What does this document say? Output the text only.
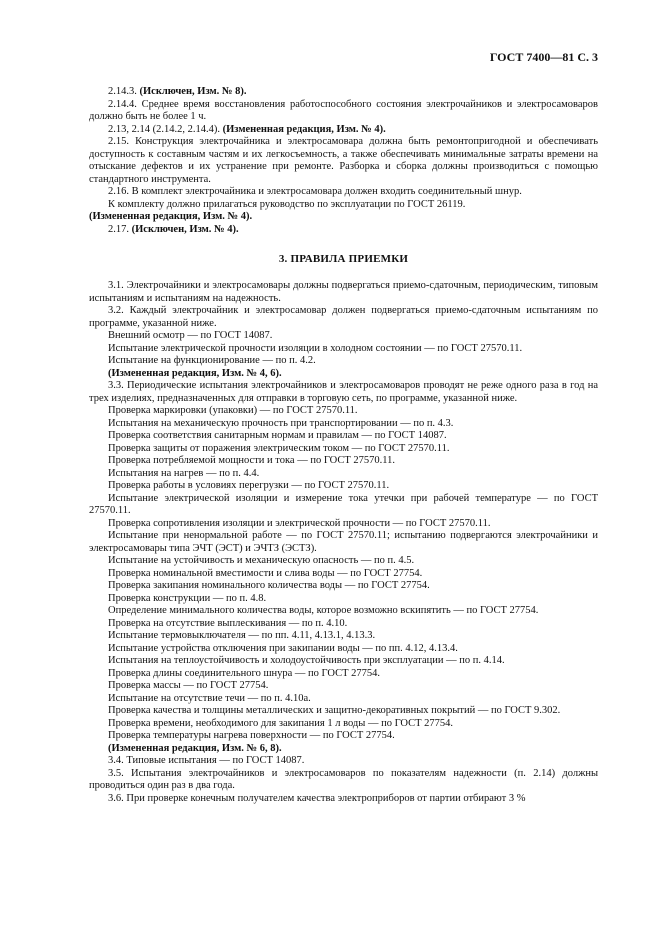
ГОСТ 7400—81 С. 3

2.14.3. (Исключен, Изм. № 8).

2.14.4. Среднее время восстановления работоспособного состояния электрочайников и электросамоваров должно быть не более 1 ч.

2.13, 2.14 (2.14.2, 2.14.4). (Измененная редакция, Изм. № 4).

2.15. Конструкция электрочайника и электросамовара должна быть ремонтопригодной и обеспечивать доступность к составным частям и их легкосъемность, а также обеспечивать минимальные затраты времени на отыскание дефектов и их устранение при ремонте. Разборка и сборка должны производиться с помощью стандартного инструмента.

2.16. В комплект электрочайника и электросамовара должен входить соединительный шнур.

К комплекту должно прилагаться руководство по эксплуатации по ГОСТ 26119.

(Измененная редакция, Изм. № 4).

2.17. (Исключен, Изм. № 4).

3. ПРАВИЛА ПРИЕМКИ

3.1. Электрочайники и электросамовары должны подвергаться приемо-сдаточным, периодическим, типовым испытаниям и испытаниям на надежность.

3.2. Каждый электрочайник и электросамовар должен подвергаться приемо-сдаточным испытаниям по программе, указанной ниже.

Внешний осмотр — по ГОСТ 14087.

Испытание электрической прочности изоляции в холодном состоянии — по ГОСТ 27570.11.

Испытание на функционирование — по п. 4.2.

(Измененная редакция, Изм. № 4, 6).

3.3. Периодические испытания электрочайников и электросамоваров проводят не реже одного раза в год на трех изделиях, предназначенных для отправки в торговую сеть, по программе, указанной ниже.

Проверка маркировки (упаковки) — по ГОСТ 27570.11.

Испытания на механическую прочность при транспортировании — по п. 4.3.

Проверка соответствия санитарным нормам и правилам — по ГОСТ 14087.

Проверка защиты от поражения электрическим током — по ГОСТ 27570.11.

Проверка потребляемой мощности и тока — по ГОСТ 27570.11.

Испытания на нагрев — по п. 4.4.

Проверка работы в условиях перегрузки — по ГОСТ 27570.11.

Испытание электрической изоляции и измерение тока утечки при рабочей температуре — по ГОСТ 27570.11.

Проверка сопротивления изоляции и электрической прочности — по ГОСТ 27570.11.

Испытание при ненормальной работе — по ГОСТ 27570.11; испытанию подвергаются электрочайники и электросамовары типа ЭЧТ (ЭСТ) и ЭЧТЗ (ЭСТЗ).

Испытание на устойчивость и механическую опасность — по п. 4.5.

Проверка номинальной вместимости и слива воды — по ГОСТ 27754.

Проверка закипания номинального количества воды — по ГОСТ 27754.

Проверка конструкции — по п. 4.8.

Определение минимального количества воды, которое возможно вскипятить — по ГОСТ 27754.

Проверка на отсутствие выплескивания — по п. 4.10.

Испытание термовыключателя — по пп. 4.11, 4.13.1, 4.13.3.

Испытание устройства отключения при закипании воды — по пп. 4.12, 4.13.4.

Испытания на теплоустойчивость и холодоустойчивость при эксплуатации — по п. 4.14.

Проверка длины соединительного шнура — по ГОСТ 27754.

Проверка массы — по ГОСТ 27754.

Испытание на отсутствие течи — по п. 4.10а.

Проверка качества и толщины металлических и защитно-декоративных покрытий — по ГОСТ 9.302.

Проверка времени, необходимого для закипания 1 л воды — по ГОСТ 27754.

Проверка температуры нагрева поверхности — по ГОСТ 27754.

(Измененная редакция, Изм. № 6, 8).

3.4. Типовые испытания — по ГОСТ 14087.

3.5. Испытания электрочайников и электросамоваров по показателям надежности (п. 2.14) должны проводиться один раз в два года.

3.6. При проверке конечным получателем качества электроприборов от партии отбирают 3 %
